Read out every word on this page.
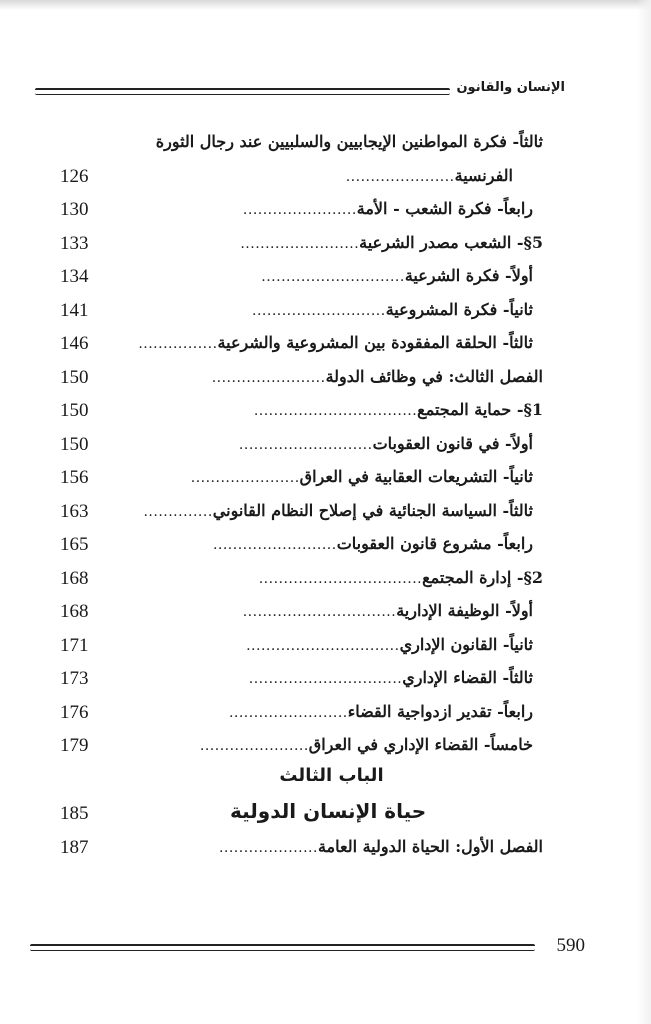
الإنسان والقانون
ثالثاً- فكرة المواطنين الإيجابيين والسلبيين عند رجال الثورة
الفرنسية
......................
126
رابعاً- فكرة الشعب - الأمة
.......................
130
5§- الشعب مصدر الشرعية
........................
133
أولاً- فكرة الشرعية
.............................
134
ثانياً- فكرة المشروعية
...........................
141
ثالثاً- الحلقة المفقودة بين المشروعية والشرعية
................
146
الفصل الثالث: في وظائف الدولة
.......................
150
1§- حماية المجتمع
.................................
150
أولاً- في قانون العقوبات
...........................
150
ثانياً- التشريعات العقابية في العراق
......................
156
ثالثاً- السياسة الجنائية في إصلاح النظام القانوني
..............
163
رابعاً- مشروع قانون العقوبات
.........................
165
2§- إدارة المجتمع
.................................
168
أولاً- الوظيفة الإدارية
...............................
168
ثانياً- القانون الإداري
...............................
171
ثالثاً- القضاء الإداري
...............................
173
رابعاً- تقدير ازدواجية القضاء
........................
176
خامساً- القضاء الإداري في العراق
......................
179
الباب الثالث
حياة الإنسان الدولية
185
الفصل الأول: الحياة الدولية العامة
....................
187
590
